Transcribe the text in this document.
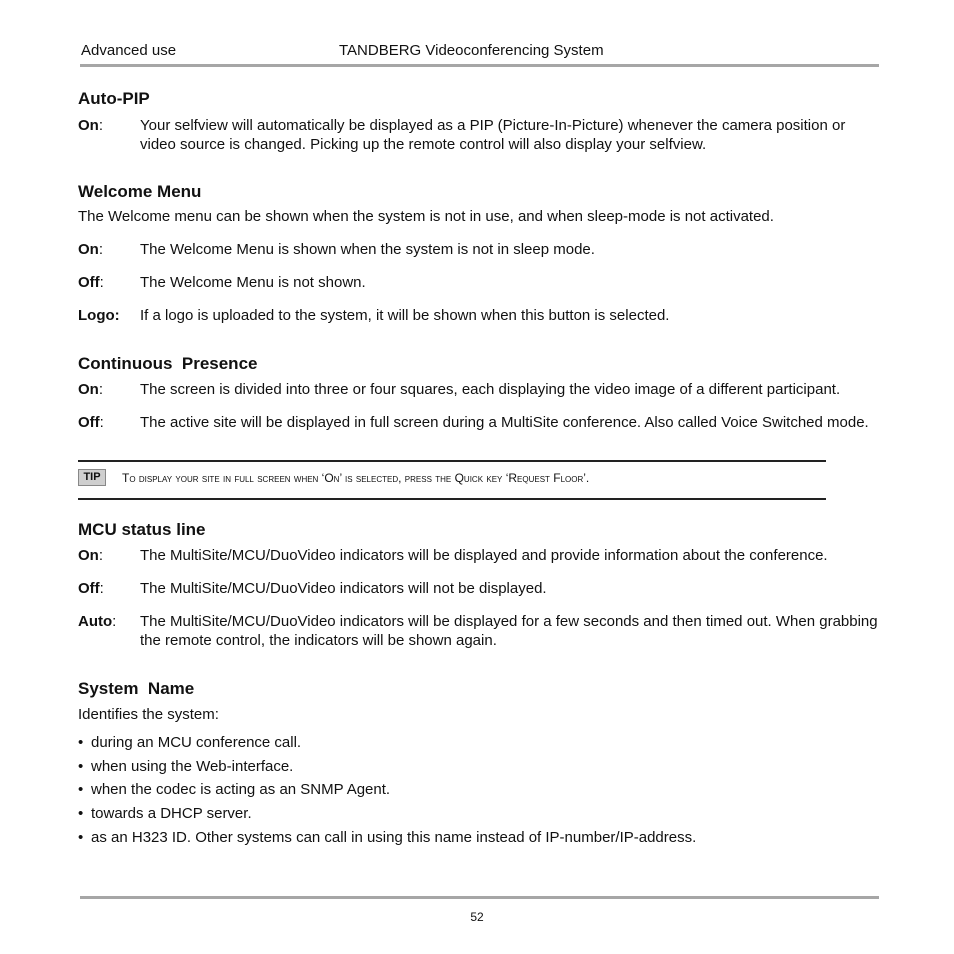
Advanced use	TANDBERG Videoconferencing System
Auto-PIP
On: Your selfview will automatically be displayed as a PIP (Picture-In-Picture) whenever the camera position or video source is changed. Picking up the remote control will also display your selfview.
Welcome Menu
The Welcome menu can be shown when the system is not in use, and when sleep-mode is not activated.
On: The Welcome Menu is shown when the system is not in sleep mode.
Off: The Welcome Menu is not shown.
Logo: If a logo is uploaded to the system, it will be shown when this button is selected.
Continuous  Presence
On: The screen is divided into three or four squares, each displaying the video image of a different participant.
Off: The active site will be displayed in full screen during a MultiSite conference. Also called Voice Switched mode.
TIP	To display your site in full screen when ‘On’ is selected, press the Quick key ‘Request Floor’.
MCU status line
On: The MultiSite/MCU/DuoVideo indicators will be displayed and provide information about the conference.
Off: The MultiSite/MCU/DuoVideo indicators will not be displayed.
Auto: The MultiSite/MCU/DuoVideo indicators will be displayed for a few seconds and then timed out. When grabbing the remote control, the indicators will be shown again.
System  Name
Identifies the system:
• during an MCU conference call.
• when using the Web-interface.
• when the codec is acting as an SNMP Agent.
• towards a DHCP server.
• as an H323 ID. Other systems can call in using this name instead of IP-number/IP-address.
52
